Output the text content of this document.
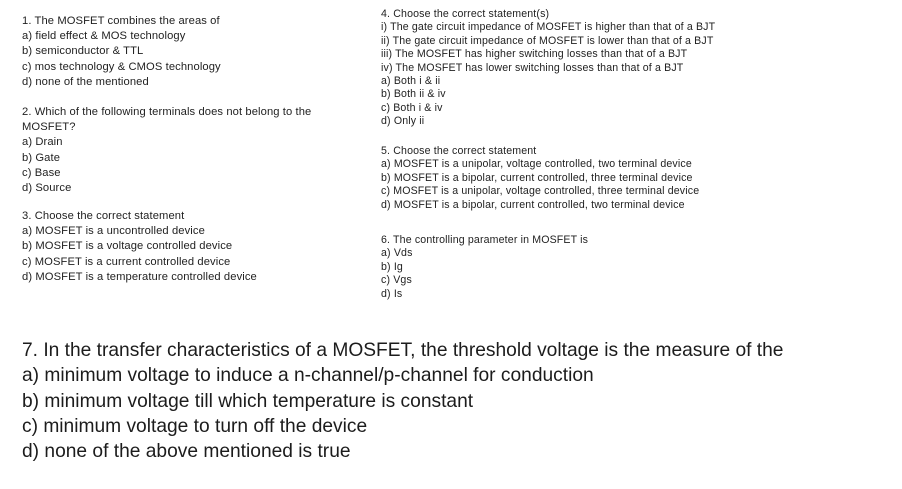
1. The MOSFET combines the areas of
a) field effect & MOS technology
b) semiconductor & TTL
c) mos technology & CMOS technology
d) none of the mentioned
2. Which of the following terminals does not belong to the
MOSFET?
a) Drain
b) Gate
c) Base
d) Source
3. Choose the correct statement
a) MOSFET is a uncontrolled device
b) MOSFET is a voltage controlled device
c) MOSFET is a current controlled device
d) MOSFET is a temperature controlled device
4. Choose the correct statement(s)
i) The gate circuit impedance of MOSFET is higher than that of a BJT
ii) The gate circuit impedance of MOSFET is lower than that of a BJT
iii) The MOSFET has higher switching losses than that of a BJT
iv) The MOSFET has lower switching losses than that of a BJT
a) Both i & ii
b) Both ii & iv
c) Both i & iv
d) Only ii
5. Choose the correct statement
a) MOSFET is a unipolar, voltage controlled, two terminal device
b) MOSFET is a bipolar, current controlled, three terminal device
c) MOSFET is a unipolar, voltage controlled, three terminal device
d) MOSFET is a bipolar, current controlled, two terminal device
6. The controlling parameter in MOSFET is
a) Vds
b) Ig
c) Vgs
d) Is
7. In the transfer characteristics of a MOSFET, the threshold voltage is the measure of the
a) minimum voltage to induce a n-channel/p-channel for conduction
b) minimum voltage till which temperature is constant
c) minimum voltage to turn off the device
d) none of the above mentioned is true
